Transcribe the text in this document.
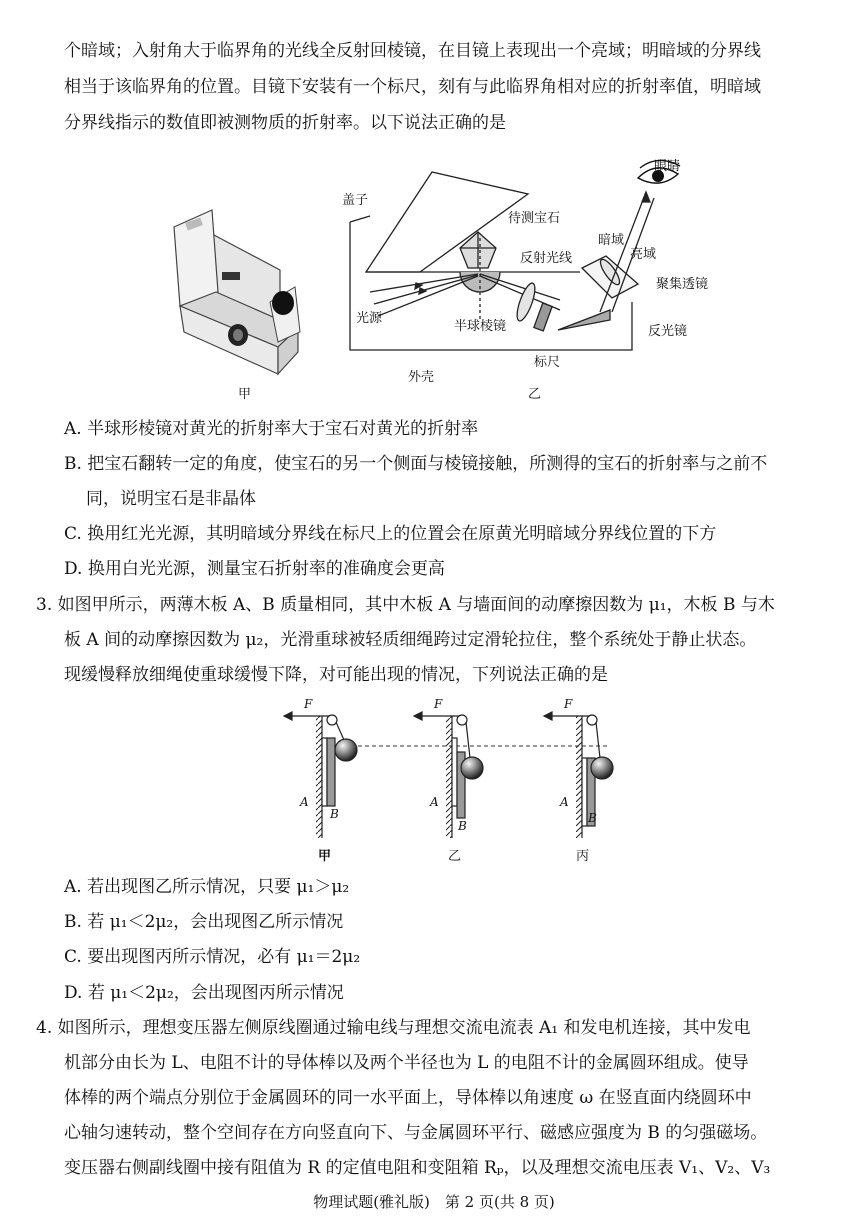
个暗域；入射角大于临界角的光线全反射回棱镜，在目镜上表现出一个亮域；明暗域的分界线
相当于该临界角的位置。目镜下安装有一个标尺，刻有与此临界角相对应的折射率值，明暗域
分界线指示的数值即被测物质的折射率。以下说法正确的是
甲
眼睛
盖子
待测宝石
暗域
亮域
反射光线
聚集透镜
光源
半球棱镜	反光镜
标尺
外壳
乙
A. 半球形棱镜对黄光的折射率大于宝石对黄光的折射率
B. 把宝石翻转一定的角度，使宝石的另一个侧面与棱镜接触，所测得的宝石的折射率与之前不
同，说明宝石是非晶体
C. 换用红光光源，其明暗域分界线在标尺上的位置会在原黄光明暗域分界线位置的下方
D. 换用白光光源，测量宝石折射率的准确度会更高
3. 如图甲所示，两薄木板 A、B 质量相同，其中木板 A 与墙面间的动摩擦因数为 μ₁，木板 B 与木
板 A 间的动摩擦因数为 μ₂，光滑重球被轻质细绳跨过定滑轮拉住，整个系统处于静止状态。
现缓慢释放细绳使重球缓慢下降，对可能出现的情况，下列说法正确的是
F	F	F
A	A	A
B
B
B
甲	乙	丙
A. 若出现图乙所示情况，只要 μ₁＞μ₂
B. 若 μ₁＜2μ₂，会出现图乙所示情况
C. 要出现图丙所示情况，必有 μ₁＝2μ₂
D. 若 μ₁＜2μ₂，会出现图丙所示情况
4. 如图所示，理想变压器左侧原线圈通过输电线与理想交流电流表 A₁ 和发电机连接，其中发电
机部分由长为 L、电阻不计的导体棒以及两个半径也为 L 的电阻不计的金属圆环组成。使导
体棒的两个端点分别位于金属圆环的同一水平面上，导体棒以角速度 ω 在竖直面内绕圆环中
心轴匀速转动，整个空间存在方向竖直向下、与金属圆环平行、磁感应强度为 B 的匀强磁场。
变压器右侧副线圈中接有阻值为 R 的定值电阻和变阻箱 Rₚ，以及理想交流电压表 V₁、V₂、V₃
物理试题(雅礼版)　第 2 页(共 8 页)
